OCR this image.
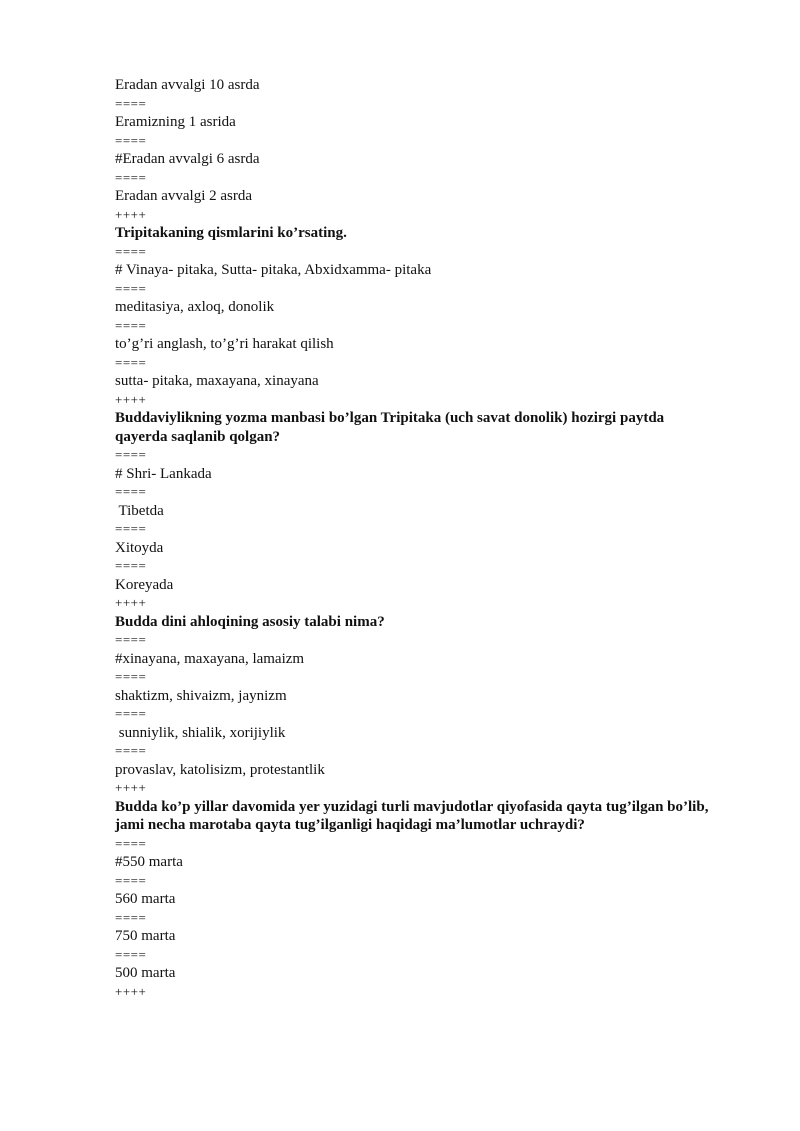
Eradan avvalgi 10 asrda

====

Eramizning 1 asrida

====

#Eradan avvalgi 6 asrda

====

Eradan avvalgi 2 asrda

++++

Tripitakaning qismlarini ko’rsating.

====

# Vinaya- pitaka, Sutta- pitaka, Abxidxamma- pitaka

====

meditasiya, axloq, donolik

====

to’g’ri anglash, to’g’ri harakat qilish

====

sutta- pitaka, maxayana, xinayana

++++

Buddaviylikning yozma manbasi bo’lgan Tripitaka (uch savat donolik) hozirgi paytda qayerda saqlanib qolgan?

====

# Shri- Lankada

====

Tibetda

====

Xitoyda

====

Koreyada

++++

Budda dini ahloqining asosiy talabi nima?

====

#xinayana, maxayana, lamaizm

====

shaktizm, shivaizm, jaynizm

====

sunniylik, shialik, xorijiylik

====

provaslav, katolisizm, protestantlik

++++

Budda ko’p yillar davomida yer yuzidagi turli mavjudotlar qiyofasida qayta tug’ilgan bo’lib, jami necha marotaba qayta tug’ilganligi haqidagi ma’lumotlar uchraydi?

====

#550 marta

====

560 marta

====

750 marta

====

500 marta

++++
